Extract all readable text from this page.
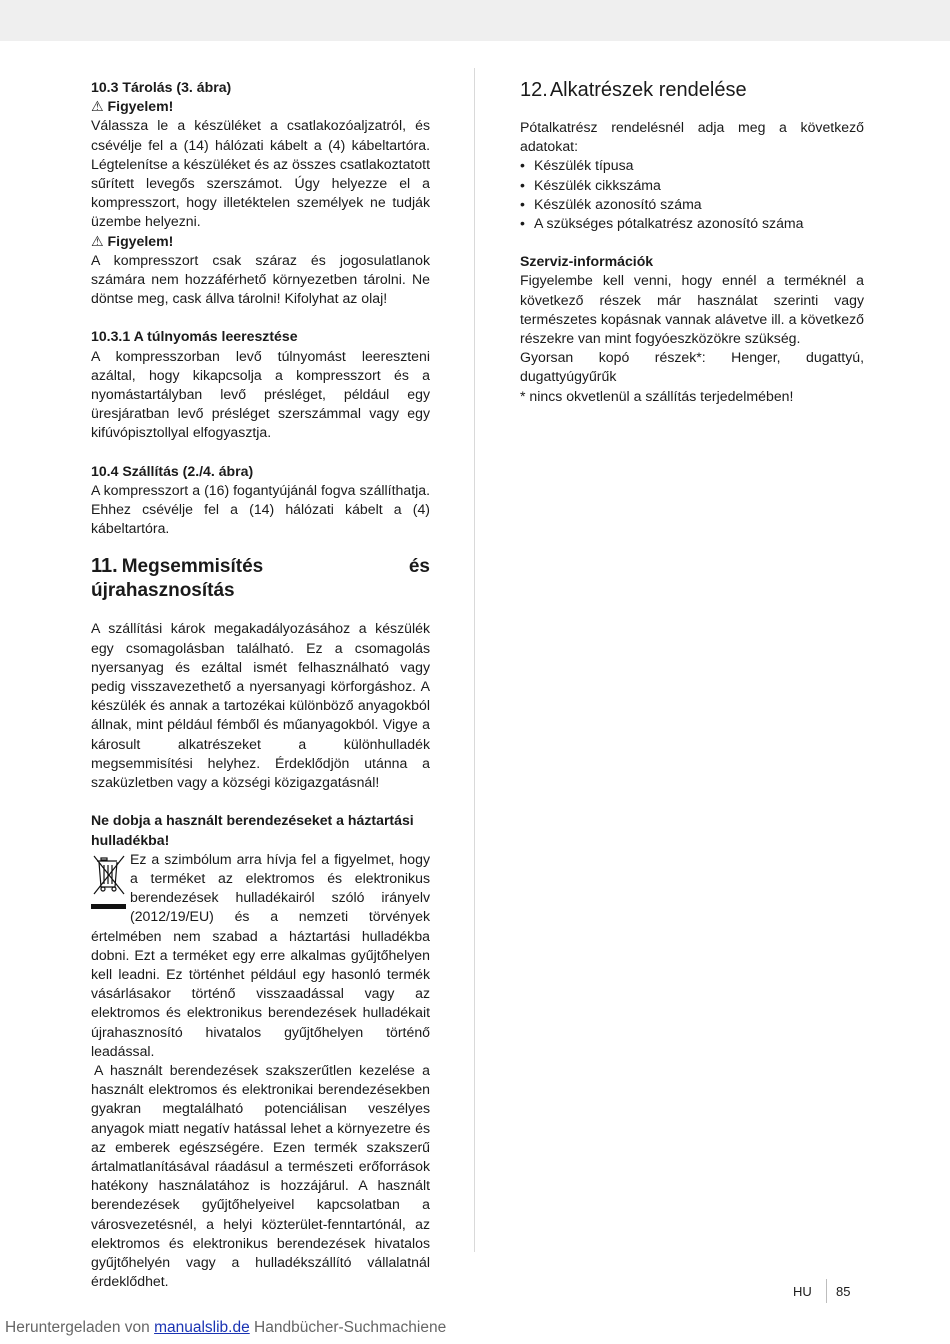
10.3 Tárolás (3. ábra)

⚠ Figyelem!

Válassza le a készüléket a csatlakozóaljzatról, és csévélje fel a (14) hálózati kábelt a (4) kábeltartóra. Légtelenítse a készüléket és az összes csatlakoztatott sűrített levegős szerszámot. Úgy helyezze el a kompresszort, hogy illetéktelen személyek ne tudják üzembe helyezni.

⚠ Figyelem!

A kompresszort csak száraz és jogosulatlanok számára nem hozzáférhető környezetben tárolni. Ne döntse meg, cask állva tárolni! Kifolyhat az olaj!

10.3.1 A túlnyomás leeresztése

A kompresszorban levő túlnyomást leereszteni azáltal, hogy kikapcsolja a kompresszort és a nyomástartályban levő présléget, például egy üresjáratban levő présléget szerszámmal vagy egy kifúvópisztollyal elfogyasztja.

10.4 Szállítás (2./4. ábra)

A kompresszort a (16) fogantyújánál fogva szállíthatja. Ehhez csévélje fel a (14) hálózati kábelt a (4) kábeltartóra.

11. Megsemmisítés és újrahasznosítás

A szállítási károk megakadályozásához a készülék egy csomagolásban található. Ez a csomagolás nyersanyag és ezáltal ismét felhasználható vagy pedig visszavezethető a nyersanyagi körforgáshoz. A készülék és annak a tartozékai különböző anyagokból állnak, mint például fémből és műanyagokból. Vigye a károsult alkatrészeket a különhulladék megsemmisítési helyhez. Érdeklődjön utánna a szaküzletben vagy a községi közigazgatásnál!

Ne dobja a használt berendezéseket a háztartási hulladékba!

Ez a szimbólum arra hívja fel a figyelmet, hogy a terméket az elektromos és elektronikus berendezések hulladékairól szóló irányelv (2012/19/EU) és a nemzeti törvények értelmében nem szabad a háztartási hulladékba dobni. Ezt a terméket egy erre alkalmas gyűjtőhelyen kell leadni. Ez történhet például egy hasonló termék vásárlásakor történő visszaadással vagy az elektromos és elektronikus berendezések hulladékait újrahasznosító hivatalos gyűjtőhelyen történő leadással.

A használt berendezések szakszerűtlen kezelése a használt elektromos és elektronikai berendezésekben gyakran megtalálható potenciálisan veszélyes anyagok miatt negatív hatással lehet a környezetre és az emberek egészségére. Ezen termék szakszerű ártalmatlanításával ráadásul a természeti erőforrások hatékony használatához is hozzájárul. A használt berendezések gyűjtőhelyeivel kapcsolatban a városvezetésnél, a helyi közterület-fenntartónál, az elektromos és elektronikus berendezések hivatalos gyűjtőhelyén vagy a hulladékszállító vállalatnál érdeklődhet.

12. Alkatrészek rendelése

Pótalkatrész rendelésnél adja meg a következő adatokat:

• Készülék típusa
• Készülék cikkszáma
• Készülék azonosító száma
• A szükséges pótalkatrész azonosító száma

Szerviz-információk

Figyelembe kell venni, hogy ennél a terméknél a következő részek már használat szerinti vagy természetes kopásnak vannak alávetve ill. a következő részekre van mint fogyóeszközökre szükség.

Gyorsan kopó részek*: Henger, dugattyú, dugattyúgyűrűk

* nincs okvetlenül a szállítás terjedelmében!

HU 85
Heruntergeladen von manualslib.de Handbücher-Suchmachiene
